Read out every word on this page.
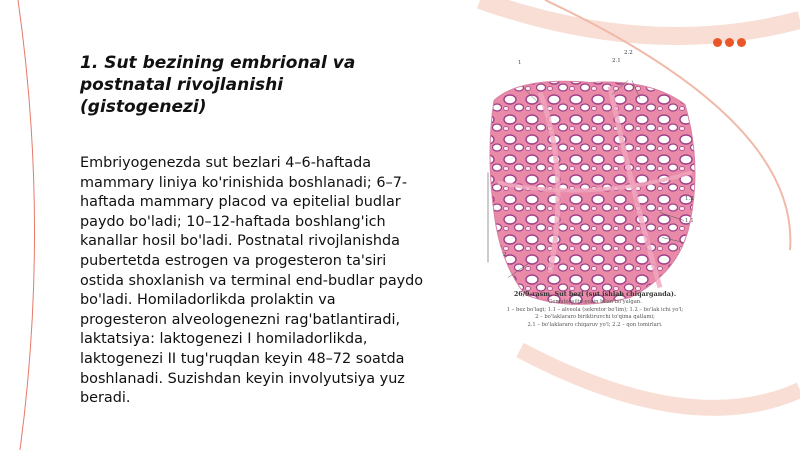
1. Sut bezining embrional va postnatal rivojlanishi (gistogenezi)

Embriyogenezda sut bezlari 4–6-haftada mammary liniya ko'rinishida boshlanadi; 6–7-haftada mammary placod va epitelial budlar paydo bo'ladi; 10–12-haftada boshlang'ich kanallar hosil bo'ladi. Postnatal rivojlanishda pubertetda estrogen va progesteron ta'siri ostida shoxlanish va terminal end-budlar paydo bo'ladi. Homiladorlikda prolaktin va progesteron alveologenezni rag'batlantiradi, laktatsiya: laktogenezi I homiladorlikda, laktogenezi II tug'ruqdan keyin 48–72 soatda boshlanadi. Suzishdan keyin involyutsiya yuz beradi.

2.2
2.1
1
1.2
1.1
2
26/9-rasm. Sut bezi (sut ishlab chiqarganda).
Gematoksilin-eozin bilan bo'yalgan.
1 – bez bo'lagi; 1.1 – alveola (sekretor bo'lim); 1.2 – bo'lak ichi yo'l;
2 – bo'laklararo biriktiruvchi to'qima qatlami;
2.1 – bo'laklararo chiqaruv yo'l; 2.2 – qon tomirlari.
